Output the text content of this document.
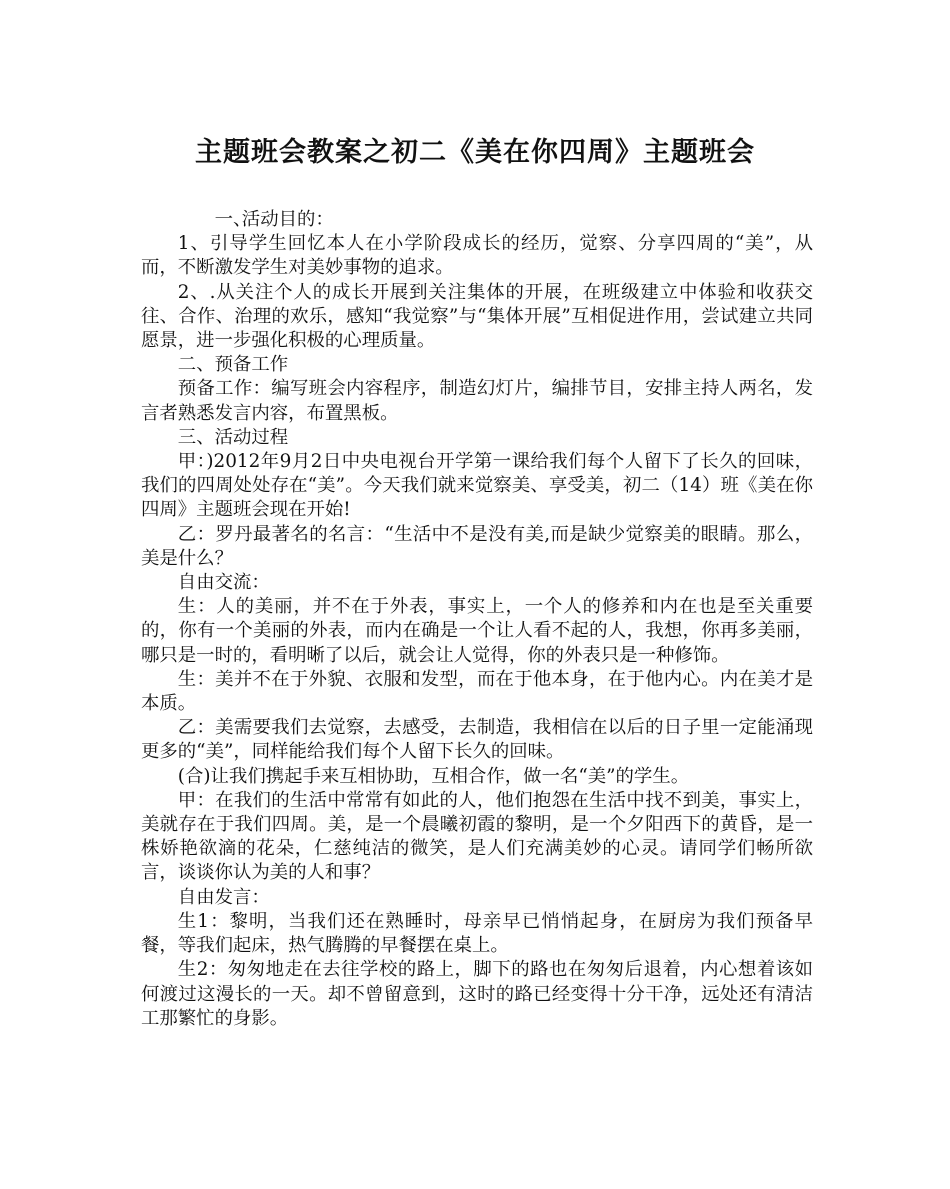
主题班会教案之初二《美在你四周》主题班会

一、活动目的：

1、引导学生回忆本人在小学阶段成长的经历，觉察、分享四周的“美”，从而，不断激发学生对美妙事物的追求。

2、.从关注个人的成长开展到关注集体的开展，在班级建立中体验和收获交往、合作、治理的欢乐，感知“我觉察”与“集体开展”互相促进作用，尝试建立共同愿景，进一步强化积极的心理质量。

二、预备工作

预备工作：编写班会内容程序，制造幻灯片，编排节目，安排主持人两名，发言者熟悉发言内容，布置黑板。

三、活动过程

甲：)2012年9月2日中央电视台开学第一课给我们每个人留下了长久的回味，我们的四周处处存在“美”。今天我们就来觉察美、享受美，初二（14）班《美在你四周》主题班会现在开始!

乙：罗丹最著名的名言：“生活中不是没有美,而是缺少觉察美的眼睛。那么，美是什么？

自由交流：

生：人的美丽，并不在于外表，事实上，一个人的修养和内在也是至关重要的，你有一个美丽的外表，而内在确是一个让人看不起的人，我想，你再多美丽，哪只是一时的，看明晰了以后，就会让人觉得，你的外表只是一种修饰。

生：美并不在于外貌、衣服和发型，而在于他本身，在于他内心。内在美才是本质。

乙：美需要我们去觉察，去感受，去制造，我相信在以后的日子里一定能涌现更多的“美”，同样能给我们每个人留下长久的回味。

(合)让我们携起手来互相协助，互相合作，做一名“美”的学生。

甲：在我们的生活中常常有如此的人，他们抱怨在生活中找不到美，事实上，美就存在于我们四周。美，是一个晨曦初霞的黎明，是一个夕阳西下的黄昏，是一株娇艳欲滴的花朵，仁慈纯洁的微笑，是人们充满美妙的心灵。请同学们畅所欲言，谈谈你认为美的人和事？

自由发言：

生1：黎明，当我们还在熟睡时，母亲早已悄悄起身，在厨房为我们预备早餐，等我们起床，热气腾腾的早餐摆在桌上。

生2：匆匆地走在去往学校的路上，脚下的路也在匆匆后退着，内心想着该如何渡过这漫长的一天。却不曾留意到，这时的路已经变得十分干净，远处还有清洁工那繁忙的身影。
